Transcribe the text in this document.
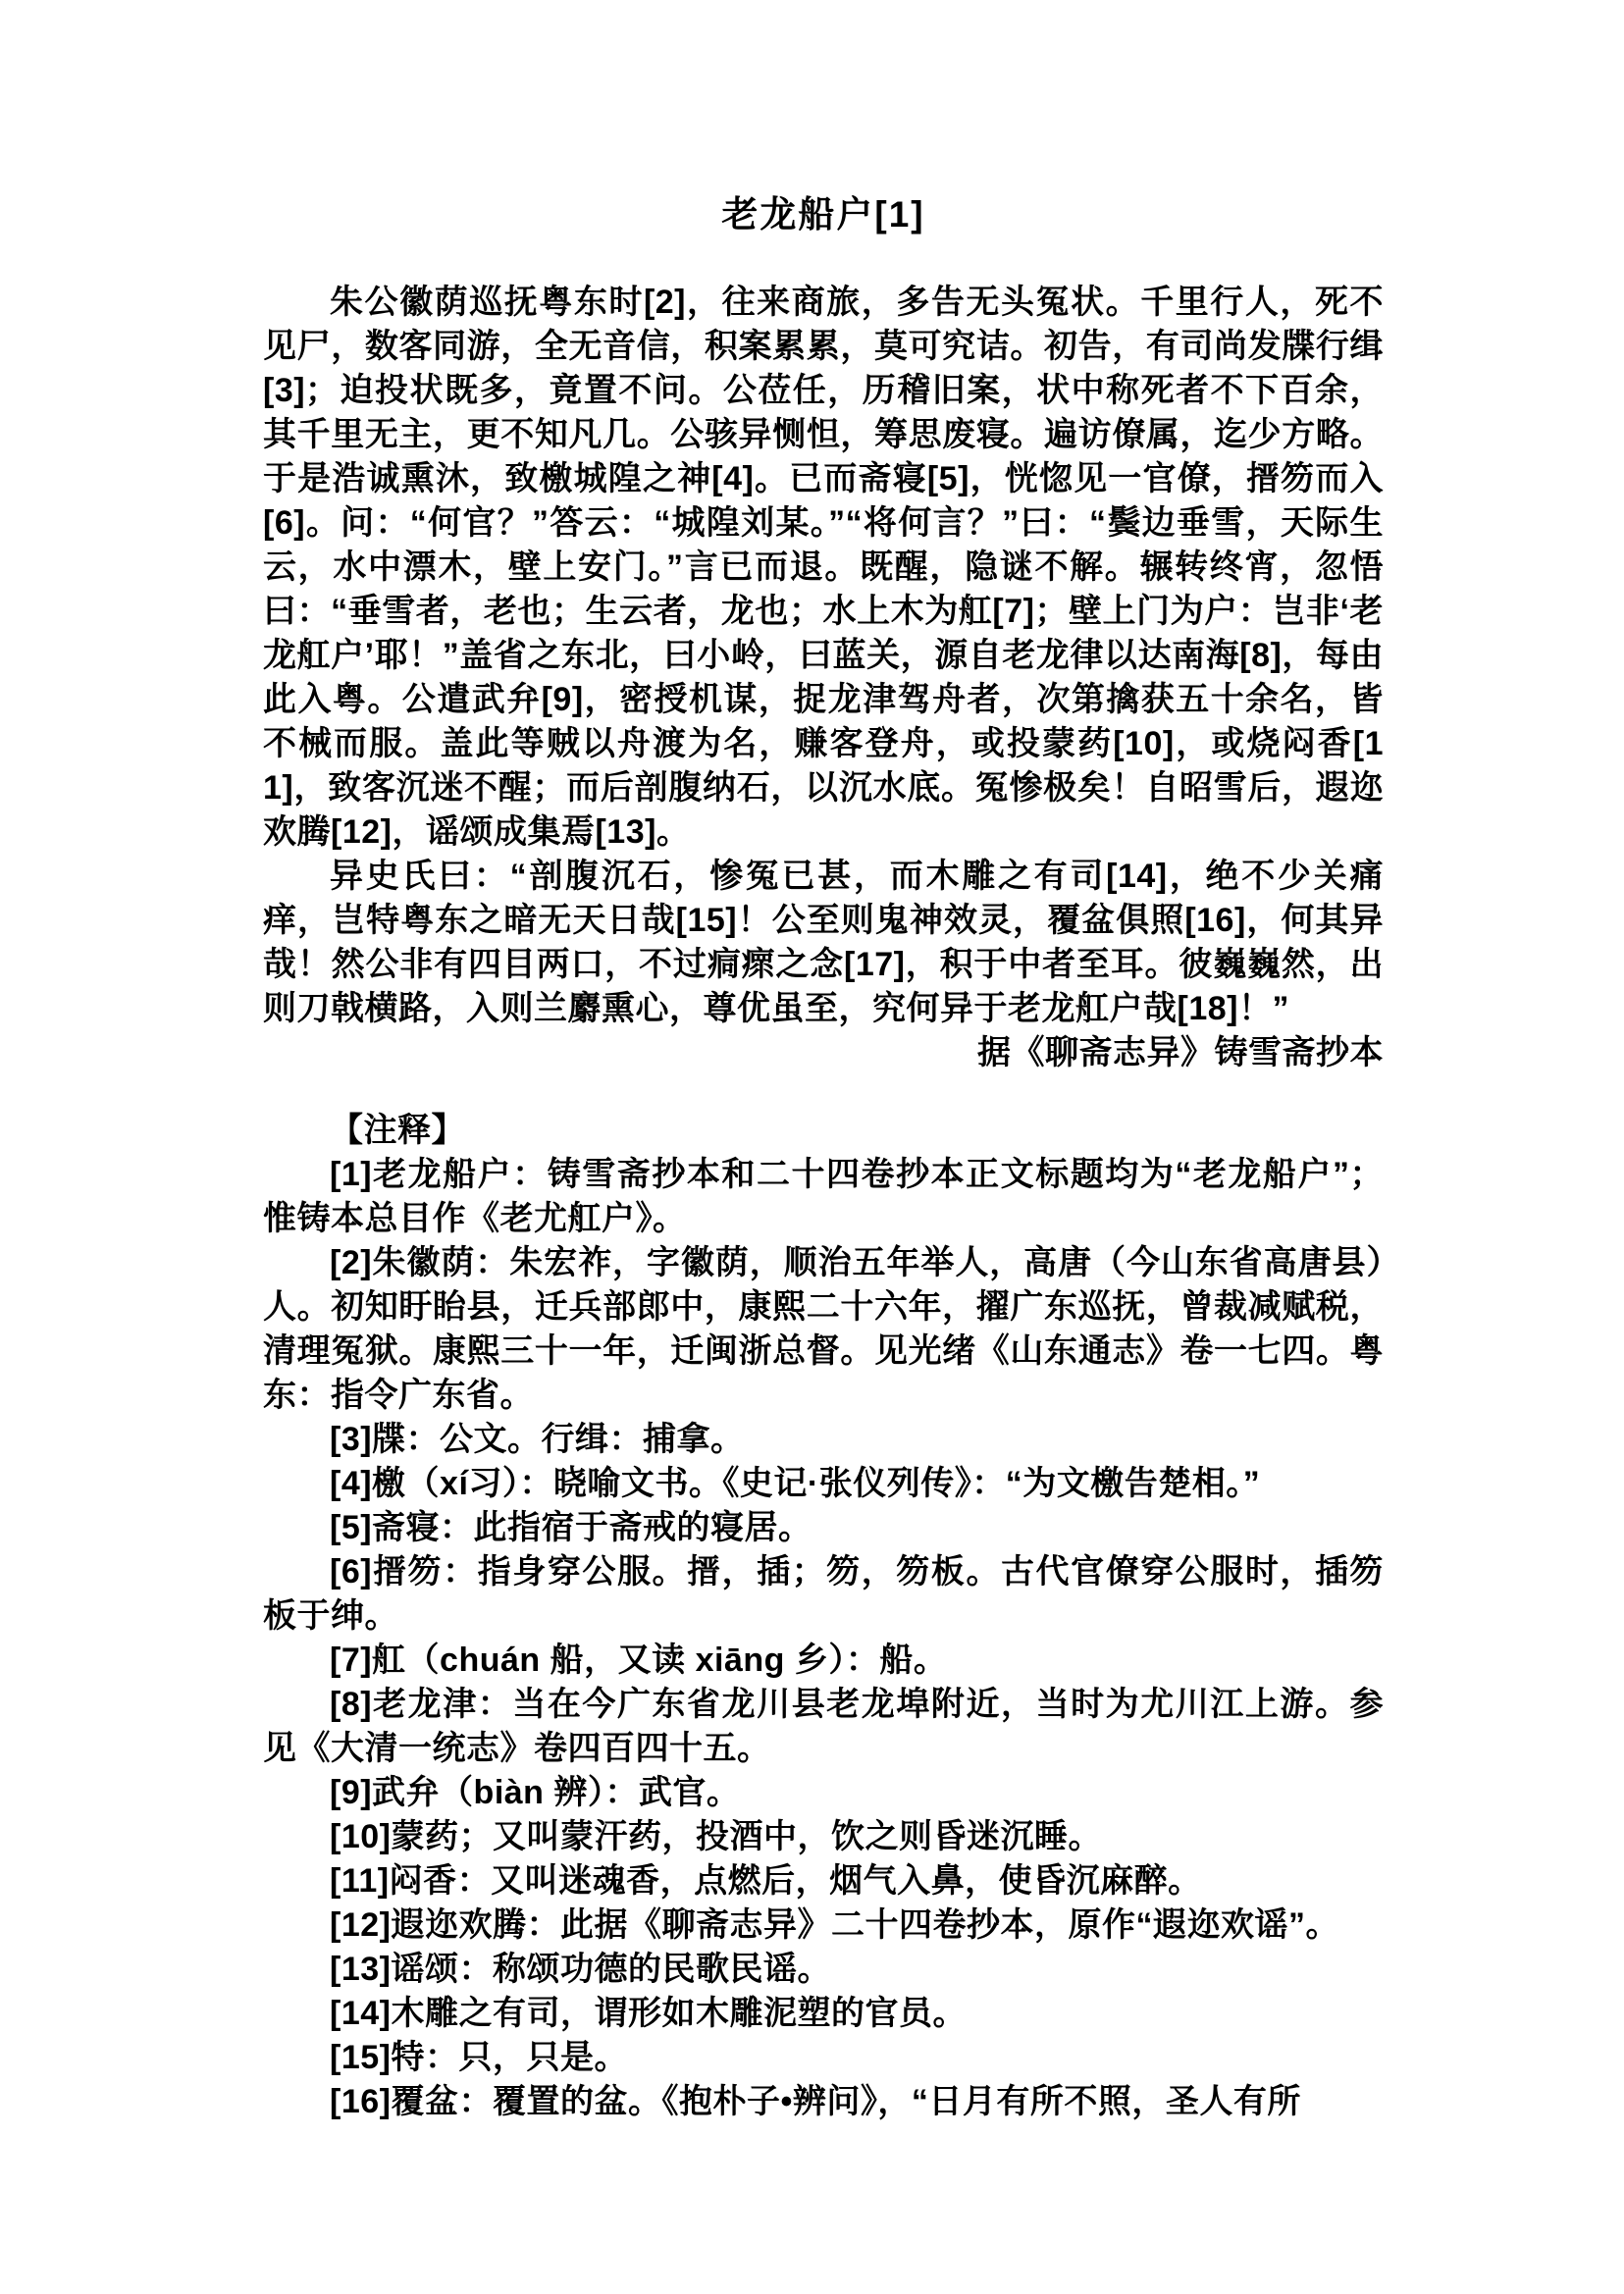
老龙船户[1]

朱公徽荫巡抚粤东时[2]，往来商旅，多告无头冤状。千里行人，死不见尸，数客同游，全无音信，积案累累，莫可究诘。初告，有司尚发牒行缉[3]；迫投状既多，竟置不问。公莅任，历稽旧案，状中称死者不下百余，其千里无主，更不知凡几。公骇异恻怛，筹思废寝。遍访僚属，迄少方略。于是浩诚熏沐，致檄城隍之神[4]。已而斋寝[5]，恍惚见一官僚，搢笏而入[6]。问：“何官？”答云：“城隍刘某。”“将何言？”曰：“鬓边垂雪，天际生云，水中漂木，壁上安门。”言已而退。既醒，隐谜不解。辗转终宵，忽悟曰：“垂雪者，老也；生云者，龙也；水上木为舡[7]；壁上门为户：岂非‘老龙舡户’耶！”盖省之东北，曰小岭，曰蓝关，源自老龙律以达南海[8]，每由此入粤。公遣武弁[9]，密授机谋，捉龙津驾舟者，次第擒获五十余名，皆不械而服。盖此等贼以舟渡为名，赚客登舟，或投蒙药[10]，或烧闷香[11]，致客沉迷不醒；而后剖腹纳石，以沉水底。冤惨极矣！自昭雪后，遐迩欢腾[12]，谣颂成集焉[13]。

异史氏曰：“剖腹沉石，惨冤已甚，而木雕之有司[14]，绝不少关痛痒，岂特粤东之暗无天日哉[15]！公至则鬼神效灵，覆盆俱照[16]，何其异哉！然公非有四目两口，不过痌瘝之念[17]，积于中者至耳。彼巍巍然，出则刀戟横路，入则兰麝熏心，尊优虽至，究何异于老龙舡户哉[18]！”

据《聊斋志异》铸雪斋抄本

【注释】

[1]老龙船户：铸雪斋抄本和二十四卷抄本正文标题均为“老龙船户”；惟铸本总目作《老尤舡户》。

[2]朱徽荫：朱宏祚，字徽荫，顺治五年举人，高唐（今山东省高唐县）人。初知盱眙县，迁兵部郎中，康熙二十六年，擢广东巡抚，曾裁减赋税，清理冤狱。康熙三十一年，迁闽浙总督。见光绪《山东通志》卷一七四。粤东：指令广东省。

[3]牒：公文。行缉：捕拿。

[4]檄（xí习）：晓喻文书。《史记·张仪列传》：“为文檄告楚相。”

[5]斋寝：此指宿于斋戒的寝居。

[6]搢笏：指身穿公服。搢，插；笏，笏板。古代官僚穿公服时，插笏板于绅。

[7]舡（chuán 船，又读 xiāng 乡）：船。

[8]老龙津：当在今广东省龙川县老龙埠附近，当时为尤川江上游。参见《大清一统志》卷四百四十五。

[9]武弁（biàn 辨）：武官。

[10]蒙药；又叫蒙汗药，投酒中，饮之则昏迷沉睡。

[11]闷香：又叫迷魂香，点燃后，烟气入鼻，使昏沉麻醉。

[12]遐迩欢腾：此据《聊斋志异》二十四卷抄本，原作“遐迩欢谣”。

[13]谣颂：称颂功德的民歌民谣。

[14]木雕之有司，谓形如木雕泥塑的官员。

[15]特：只，只是。

[16]覆盆：覆置的盆。《抱朴子•辨问》，“日月有所不照，圣人有所
